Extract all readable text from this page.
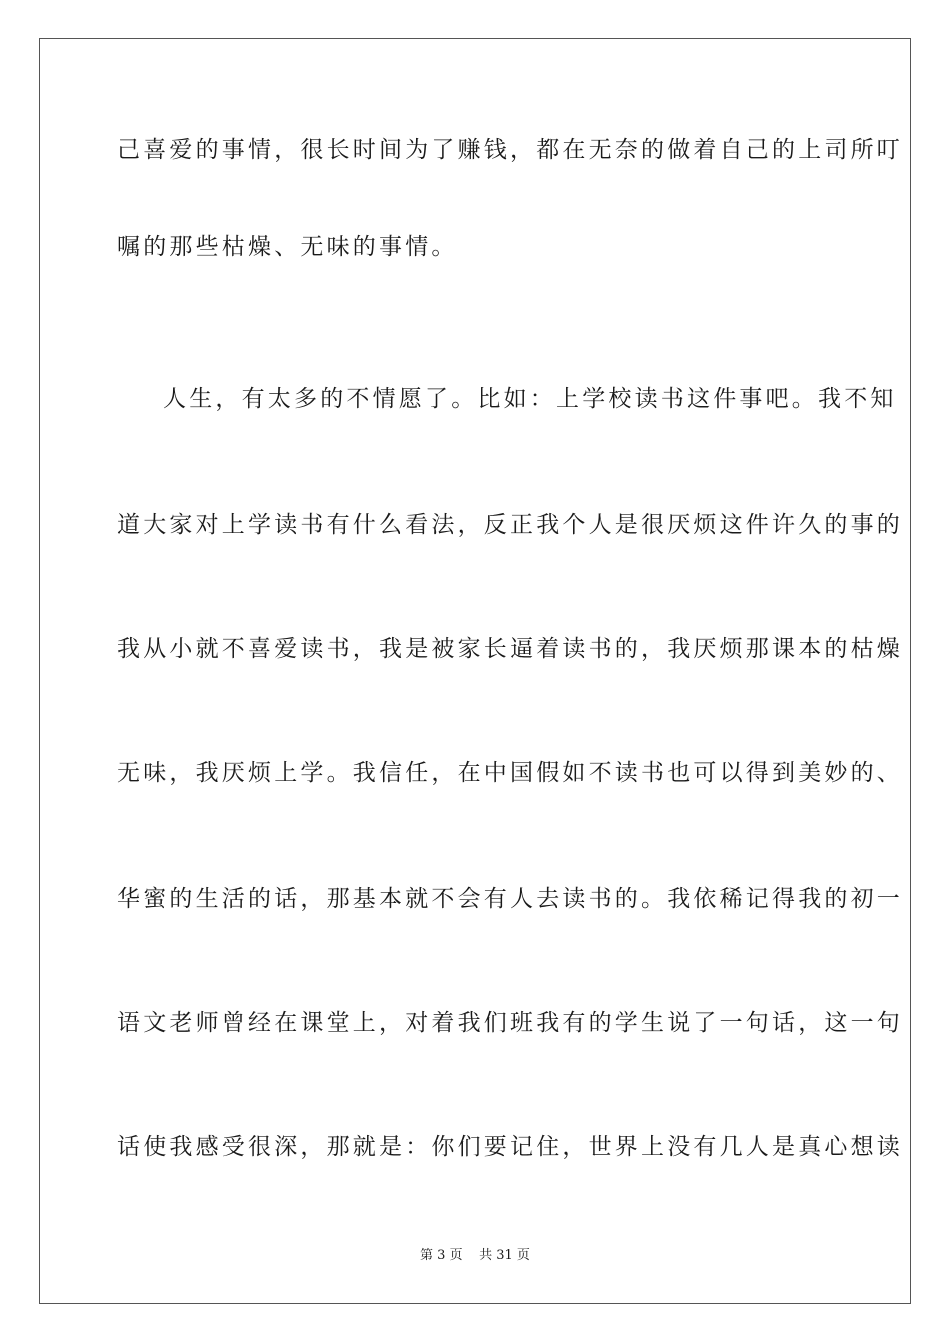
己喜爱的事情，很长时间为了赚钱，都在无奈的做着自己的上司所叮
嘱的那些枯燥、无味的事情。
人生，有太多的不情愿了。比如：上学校读书这件事吧。我不知
道大家对上学读书有什么看法，反正我个人是很厌烦这件许久的事的
我从小就不喜爱读书，我是被家长逼着读书的，我厌烦那课本的枯燥
无味，我厌烦上学。我信任，在中国假如不读书也可以得到美妙的、
华蜜的生活的话，那基本就不会有人去读书的。我依稀记得我的初一
语文老师曾经在课堂上，对着我们班我有的学生说了一句话，这一句
话使我感受很深，那就是：你们要记住，世界上没有几人是真心想读
第 3 页 共 31 页
